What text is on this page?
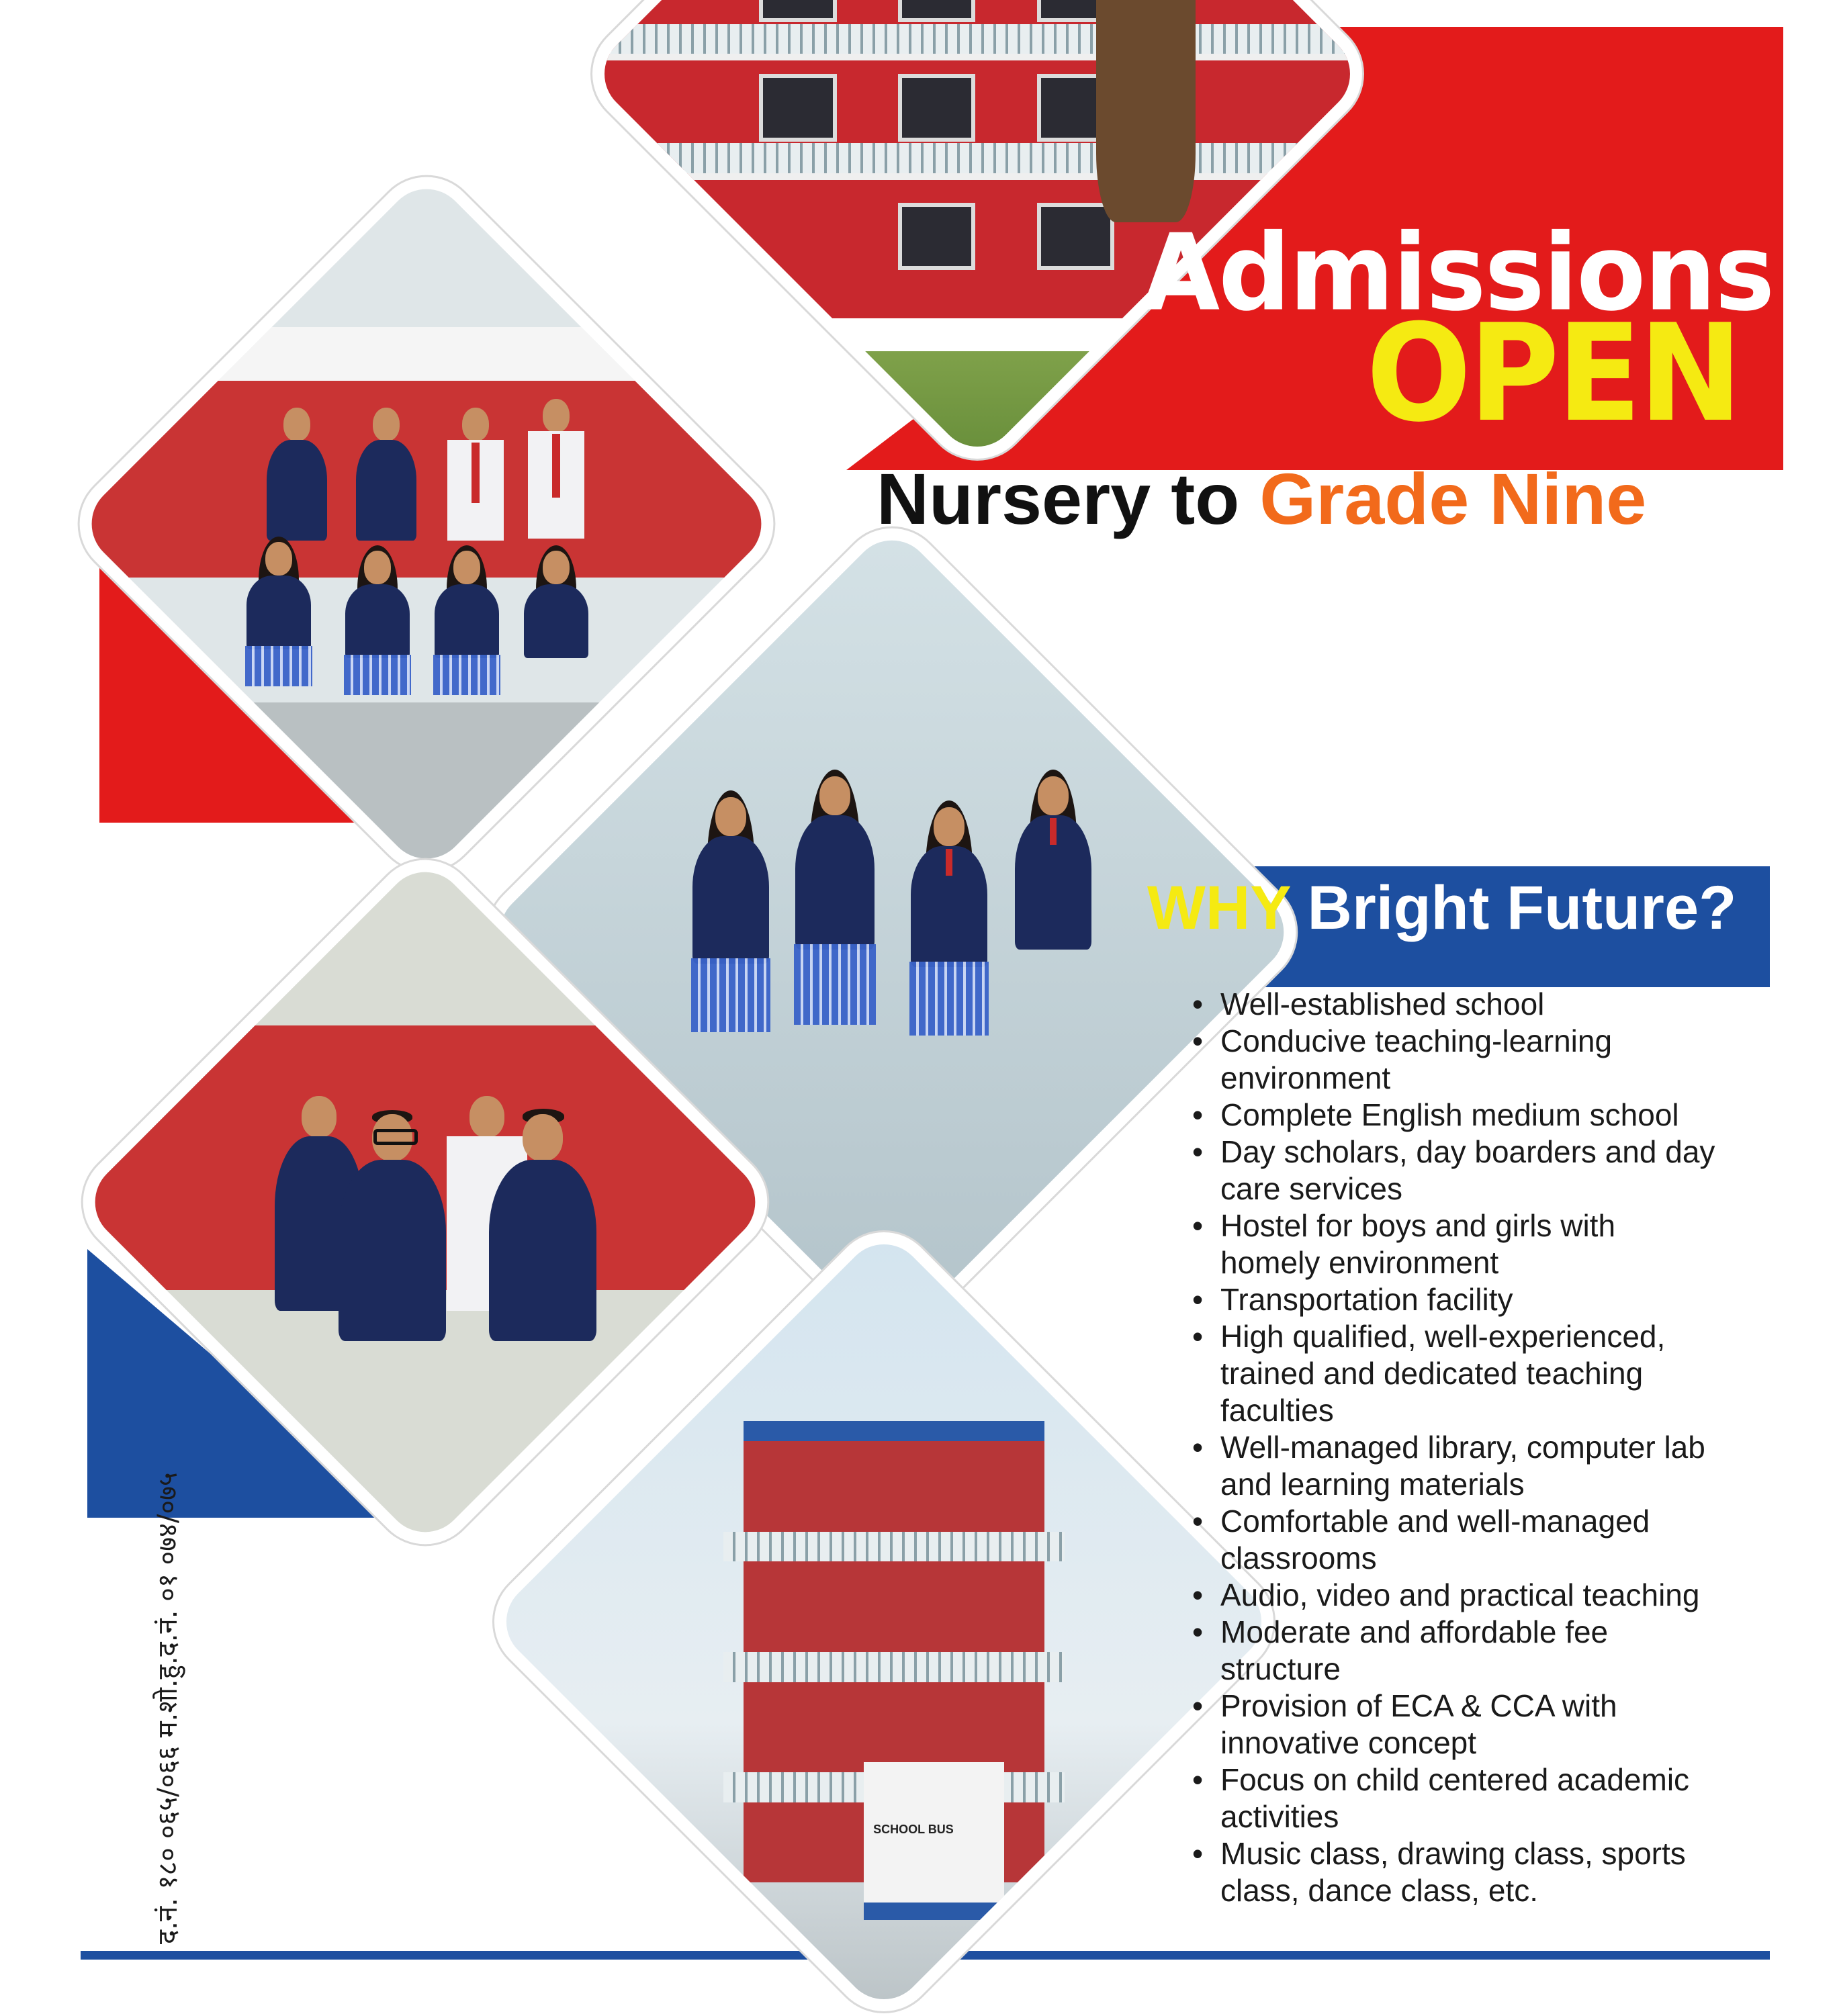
SCHOOL BUS
Admissions
OPEN
Nursery to Grade Nine
WHY Bright Future?
• Well-established school
• Conducive teaching-learning environment
• Complete English medium school
• Day scholars, day boarders and day care services
• Hostel for boys and girls with homely environment
• Transportation facility
• High qualified, well-experienced, trained and dedicated teaching faculties
• Well-managed library, computer lab and learning materials
• Comfortable and well-managed classrooms
• Audio, video and practical teaching
• Moderate and affordable fee structure
• Provision of ECA & CCA with innovative concept
• Focus on child centered academic activities
• Music class, drawing class, sports class, dance class, etc.
द.नं. १८० ०६५/०६६ म.शो.हु.द.नं. ०१ ०७४/०७५
